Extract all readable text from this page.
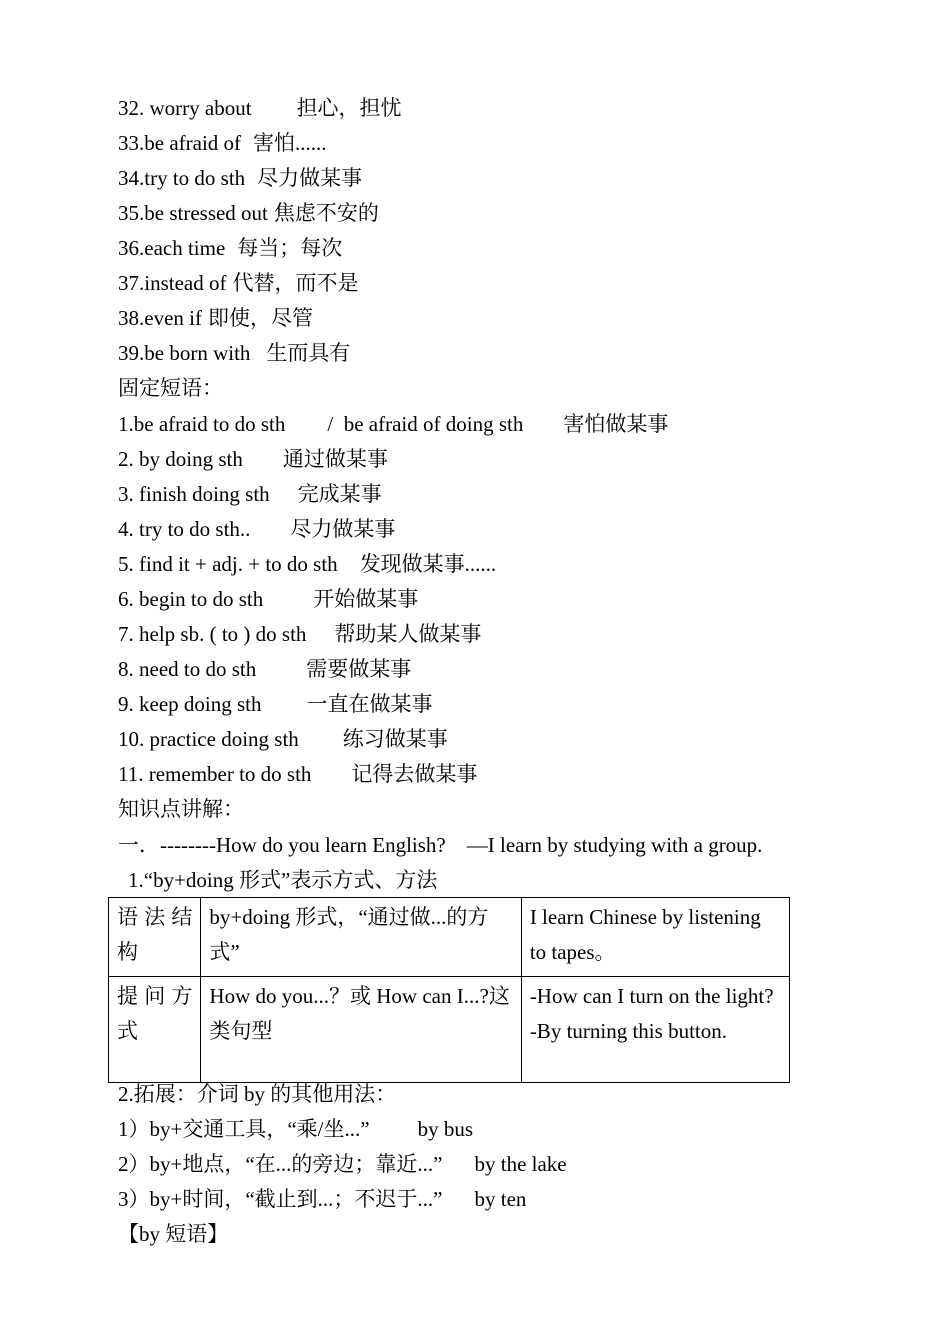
32. worry about 担心，担忧
33.be afraid of 害怕......
34.try to do sth 尽力做某事
35.be stressed out 焦虑不安的
36.each time 每当；每次
37.instead of 代替，而不是
38.even if 即使，尽管
39.be born with 生而具有
固定短语：
1.be afraid to do sth /  be afraid of doing sth 害怕做某事
2. by doing sth 通过做某事
3. finish doing sth 完成某事
4. try to do sth.. 尽力做某事
5. find it + adj. + to do sth 发现做某事......
6. begin to do sth 开始做某事
7. help sb. ( to ) do sth 帮助某人做某事
8. need to do sth 需要做某事
9. keep doing sth 一直在做某事
10. practice doing sth 练习做某事
11. remember to do sth 记得去做某事
知识点讲解：
一．--------How do you learn English?    —I learn by studying with a group.
1.“by+doing 形式”表示方式、方法
语法结构	by+doing 形式，“通过做...的方式”	I learn Chinese by listening to tapes。
提问方式	How do you...？或 How can I...?这类句型	-How can I turn on the light?
-By turning this button.
2.拓展：介词 by 的其他用法：
1）by+交通工具，“乘/坐...” by bus
2）by+地点，“在...的旁边；靠近...” by the lake
3）by+时间，“截止到...；不迟于...” by ten
【by 短语】
